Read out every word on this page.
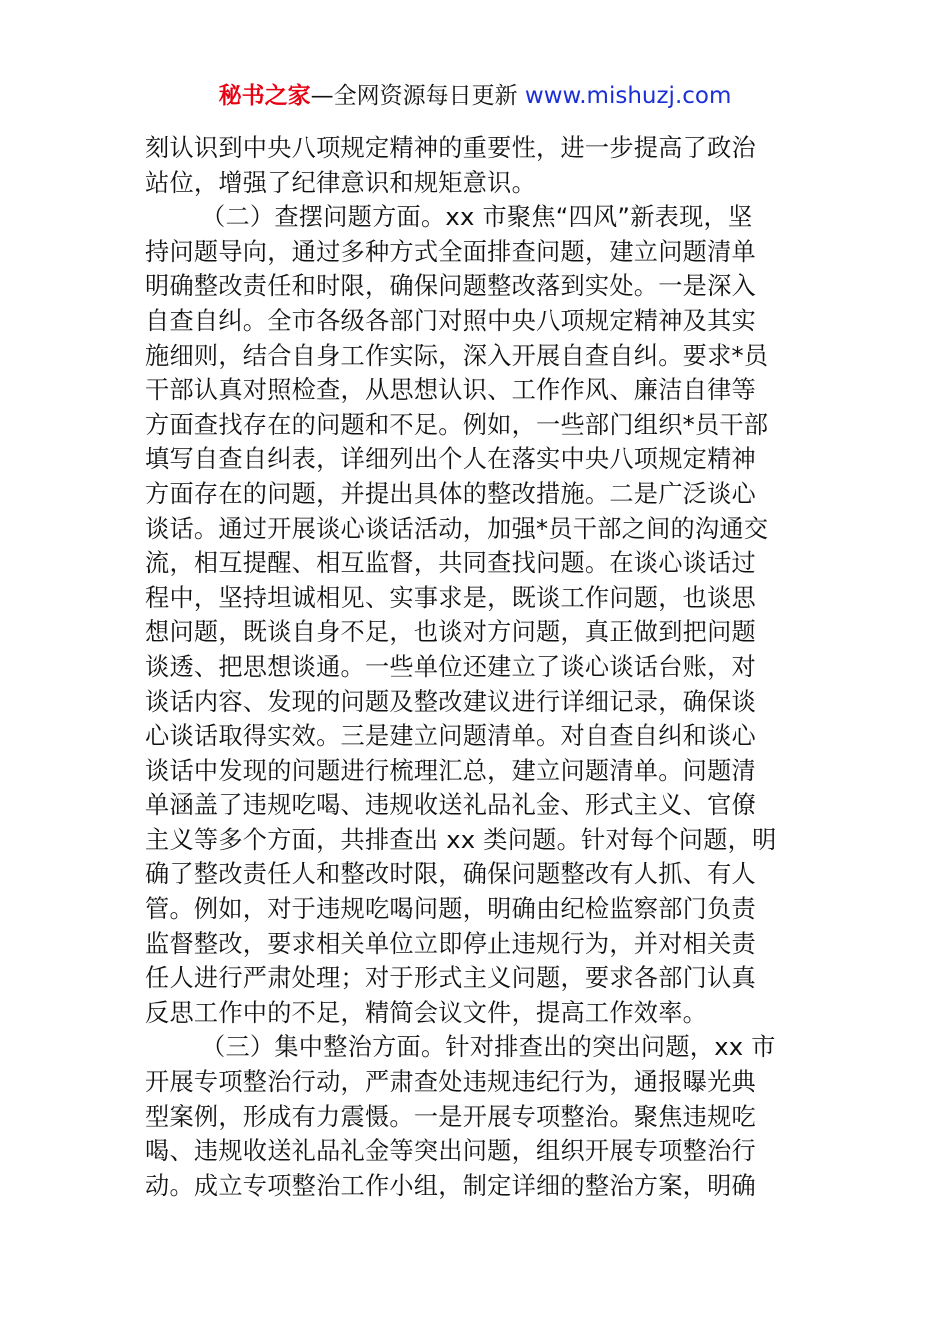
秘书之家—全网资源每日更新 www.mishuzj.com
刻认识到中央八项规定精神的重要性，进一步提高了政治
站位，增强了纪律意识和规矩意识。
（二）查摆问题方面。xx 市聚焦“四风”新表现，坚
持问题导向，通过多种方式全面排查问题，建立问题清单
明确整改责任和时限，确保问题整改落到实处。一是深入
自查自纠。全市各级各部门对照中央八项规定精神及其实
施细则，结合自身工作实际，深入开展自查自纠。要求*员
干部认真对照检查，从思想认识、工作作风、廉洁自律等
方面查找存在的问题和不足。例如，一些部门组织*员干部
填写自查自纠表，详细列出个人在落实中央八项规定精神
方面存在的问题，并提出具体的整改措施。二是广泛谈心
谈话。通过开展谈心谈话活动，加强*员干部之间的沟通交
流，相互提醒、相互监督，共同查找问题。在谈心谈话过
程中，坚持坦诚相见、实事求是，既谈工作问题，也谈思
想问题，既谈自身不足，也谈对方问题，真正做到把问题
谈透、把思想谈通。一些单位还建立了谈心谈话台账，对
谈话内容、发现的问题及整改建议进行详细记录，确保谈
心谈话取得实效。三是建立问题清单。对自查自纠和谈心
谈话中发现的问题进行梳理汇总，建立问题清单。问题清
单涵盖了违规吃喝、违规收送礼品礼金、形式主义、官僚
主义等多个方面，共排查出 xx 类问题。针对每个问题，明
确了整改责任人和整改时限，确保问题整改有人抓、有人
管。例如，对于违规吃喝问题，明确由纪检监察部门负责
监督整改，要求相关单位立即停止违规行为，并对相关责
任人进行严肃处理；对于形式主义问题，要求各部门认真
反思工作中的不足，精简会议文件，提高工作效率。
（三）集中整治方面。针对排查出的突出问题，xx 市
开展专项整治行动，严肃查处违规违纪行为，通报曝光典
型案例，形成有力震慑。一是开展专项整治。聚焦违规吃
喝、违规收送礼品礼金等突出问题，组织开展专项整治行
动。成立专项整治工作小组，制定详细的整治方案，明确
